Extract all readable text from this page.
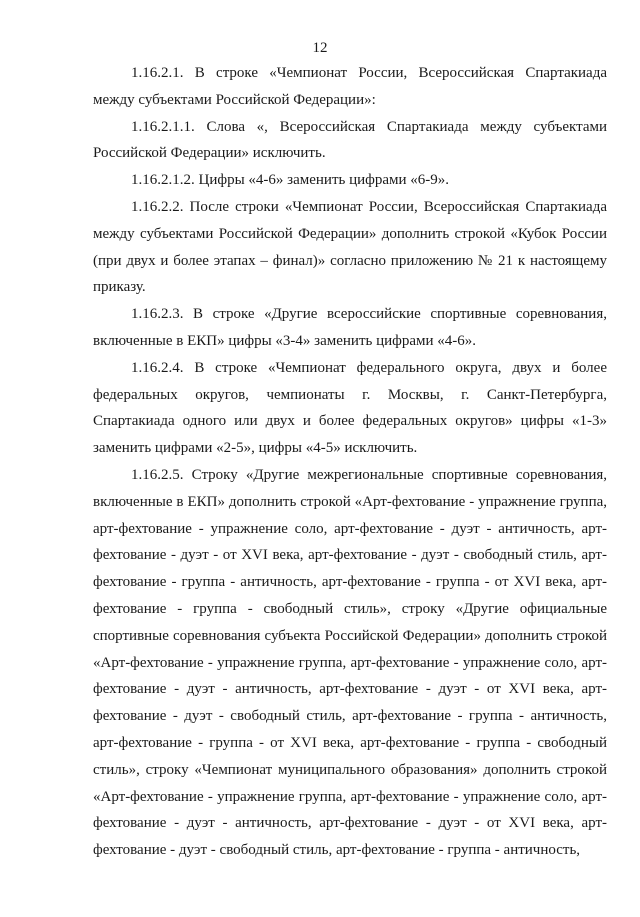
12

1.16.2.1. В строке «Чемпионат России, Всероссийская Спартакиада между субъектами Российской Федерации»:

1.16.2.1.1. Слова «, Всероссийская Спартакиада между субъектами Российской Федерации» исключить.

1.16.2.1.2. Цифры «4-6» заменить цифрами «6-9».

1.16.2.2. После строки «Чемпионат России, Всероссийская Спартакиада между субъектами Российской Федерации» дополнить строкой «Кубок России (при двух и более этапах – финал)» согласно приложению № 21 к настоящему приказу.

1.16.2.3. В строке «Другие всероссийские спортивные соревнования, включенные в ЕКП» цифры «3-4» заменить цифрами «4-6».

1.16.2.4. В строке «Чемпионат федерального округа, двух и более федеральных округов, чемпионаты г. Москвы, г. Санкт-Петербурга, Спартакиада одного или двух и более федеральных округов» цифры «1-3» заменить цифрами «2-5», цифры «4-5» исключить.

1.16.2.5. Строку «Другие межрегиональные спортивные соревнования, включенные в ЕКП» дополнить строкой «Арт-фехтование - упражнение группа, арт-фехтование - упражнение соло, арт-фехтование - дуэт - античность, арт-фехтование - дуэт - от XVI века, арт-фехтование - дуэт - свободный стиль, арт-фехтование - группа - античность, арт-фехтование - группа - от XVI века, арт-фехтование - группа - свободный стиль», строку «Другие официальные спортивные соревнования субъекта Российской Федерации» дополнить строкой «Арт-фехтование - упражнение группа, арт-фехтование - упражнение соло, арт-фехтование - дуэт - античность, арт-фехтование - дуэт - от XVI века, арт-фехтование - дуэт - свободный стиль, арт-фехтование - группа - античность, арт-фехтование - группа - от XVI века, арт-фехтование - группа - свободный стиль», строку «Чемпионат муниципального образования» дополнить строкой «Арт-фехтование - упражнение группа, арт-фехтование - упражнение соло, арт-фехтование - дуэт - античность, арт-фехтование - дуэт - от XVI века, арт-фехтование - дуэт - свободный стиль, арт-фехтование - группа - античность,
